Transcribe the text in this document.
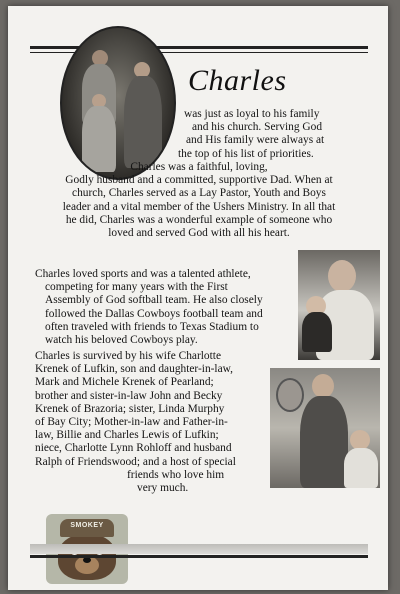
Charles
was just as loyal to his family
and his church. Serving God
and His family were always at
the top of his list of priorities.
Charles was a faithful, loving,
Godly husband and a committed, supportive Dad. When at
church, Charles served as a Lay Pastor, Youth and Boys
leader and a vital member of the Ushers Ministry. In all that
he did, Charles was a wonderful example of someone who
loved and served God with all his heart.
Charles loved sports and was a talented athlete,
competing for many years with the First
Assembly of God softball team. He also closely
followed the Dallas Cowboys football team and
often traveled with friends to Texas Stadium to
watch his beloved Cowboys play.
Charles is survived by his wife Charlotte
Krenek of Lufkin, son and daughter-in-law,
Mark and Michele Krenek of Pearland;
brother and sister-in-law John and Becky
Krenek of Brazoria; sister, Linda Murphy
of Bay City; Mother-in-law and Father-in-
law, Billie and Charles Lewis of Lufkin;
niece, Charlotte Lynn Rohloff and husband
Ralph of Friendswood; and a host of special
friends who love him
very much.
SMOKEY
